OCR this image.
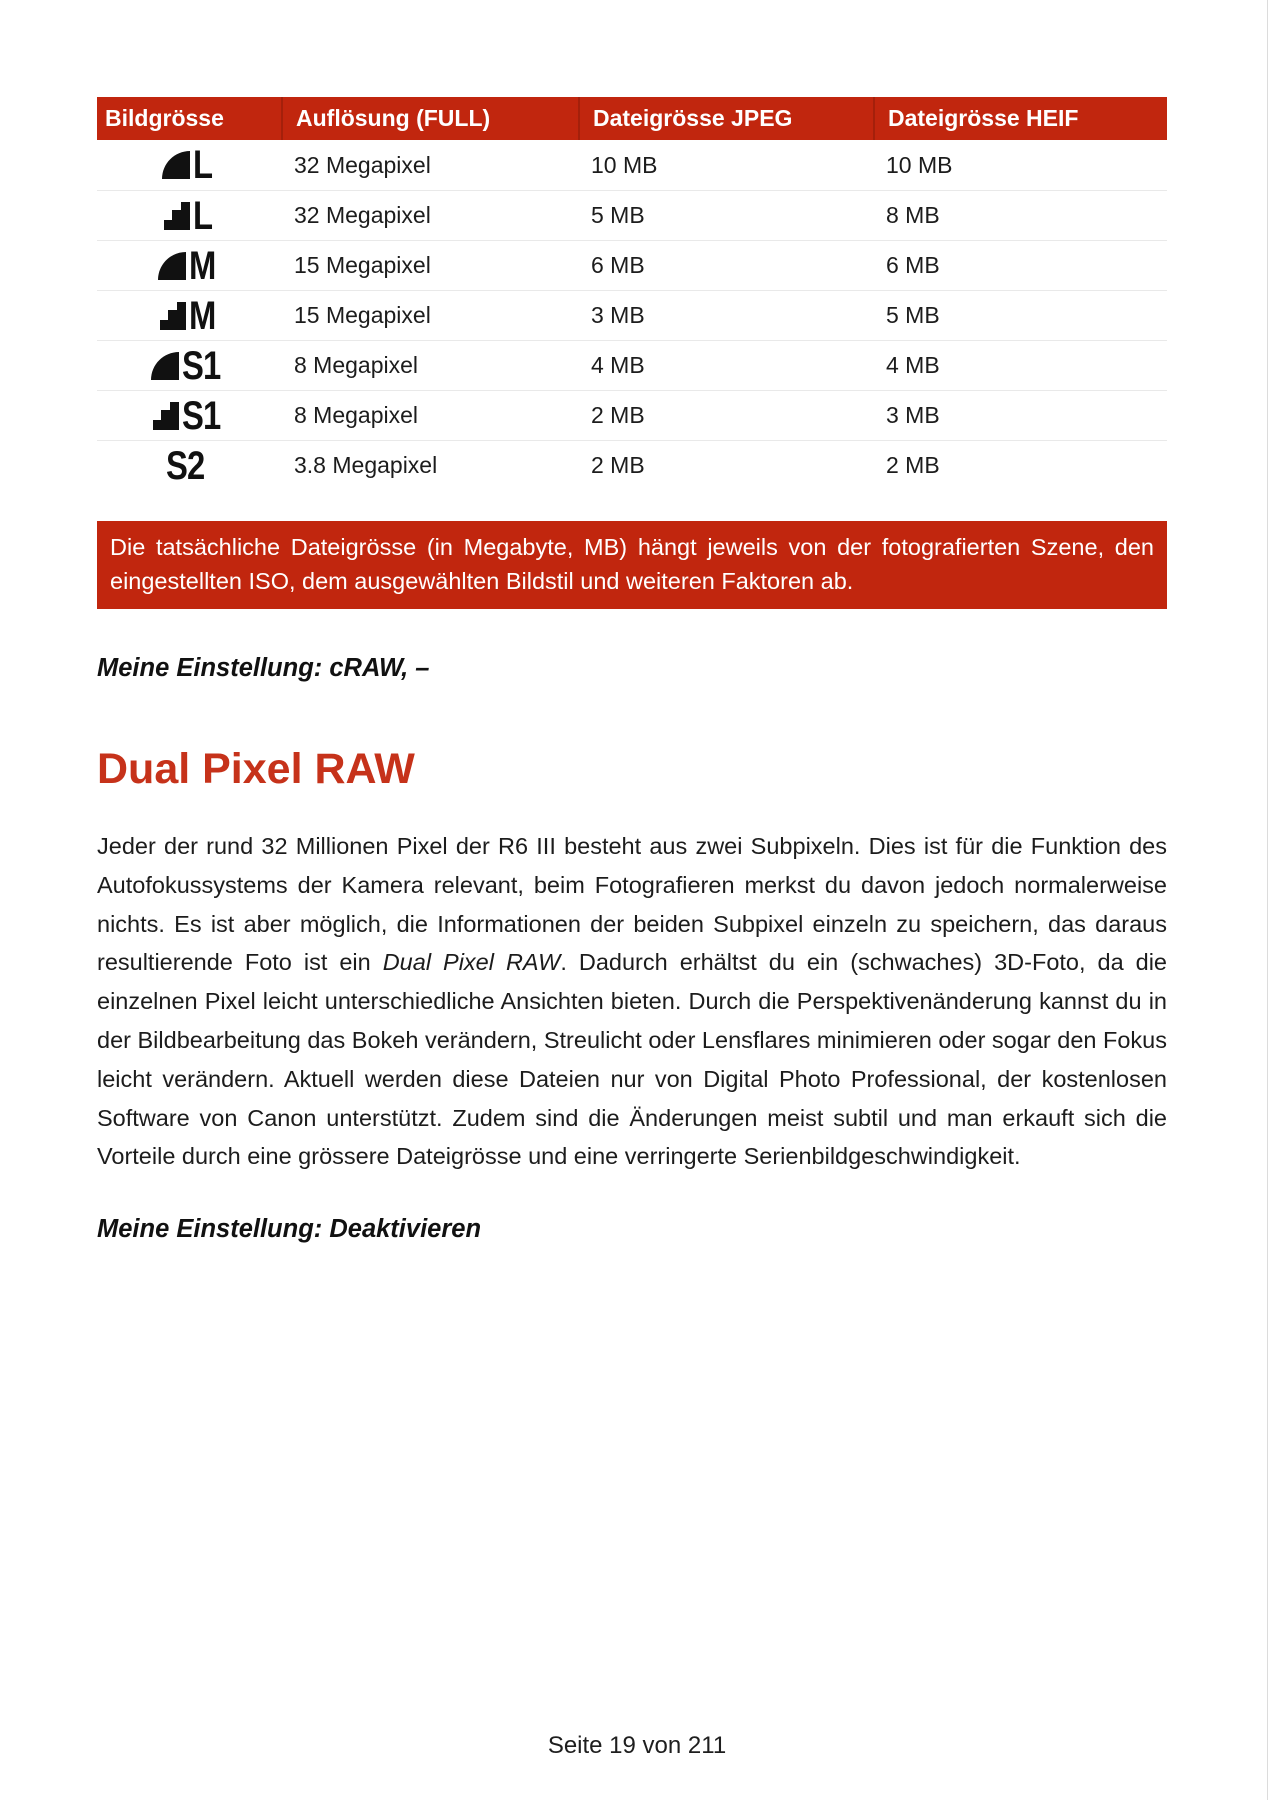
Bildgrösse	Auflösung (FULL)	Dateigrösse JPEG	Dateigrösse HEIF
L	32 Megapixel	10 MB	10 MB
L	32 Megapixel	5 MB	8 MB
M	15 Megapixel	6 MB	6 MB
M	15 Megapixel	3 MB	5 MB
S1	8 Megapixel	4 MB	4 MB
S1	8 Megapixel	2 MB	3 MB
S2	3.8 Megapixel	2 MB	2 MB
Die tatsächliche Dateigrösse (in Megabyte, MB) hängt jeweils von der fotografierten Szene, den eingestellten ISO, dem ausgewählten Bildstil und weiteren Faktoren ab.
Meine Einstellung: cRAW, –
Dual Pixel RAW

Jeder der rund 32 Millionen Pixel der R6 III besteht aus zwei Subpixeln. Dies ist für die Funktion des Autofokussystems der Kamera relevant, beim Fotografieren merkst du davon jedoch normalerweise nichts. Es ist aber möglich, die Informationen der beiden Subpixel einzeln zu speichern, das daraus resultierende Foto ist ein Dual Pixel RAW. Dadurch erhältst du ein (schwaches) 3D-Foto, da die einzelnen Pixel leicht unterschiedliche Ansichten bieten. Durch die Perspektivenänderung kannst du in der Bildbearbeitung das Bokeh verändern, Streulicht oder Lensflares minimieren oder sogar den Fokus leicht verändern. Aktuell werden diese Dateien nur von Digital Photo Professional, der kostenlosen Software von Canon unterstützt. Zudem sind die Änderungen meist subtil und man erkauft sich die Vorteile durch eine grössere Dateigrösse und eine verringerte Serienbildgeschwindigkeit.

Meine Einstellung: Deaktivieren
Seite 19 von 211
